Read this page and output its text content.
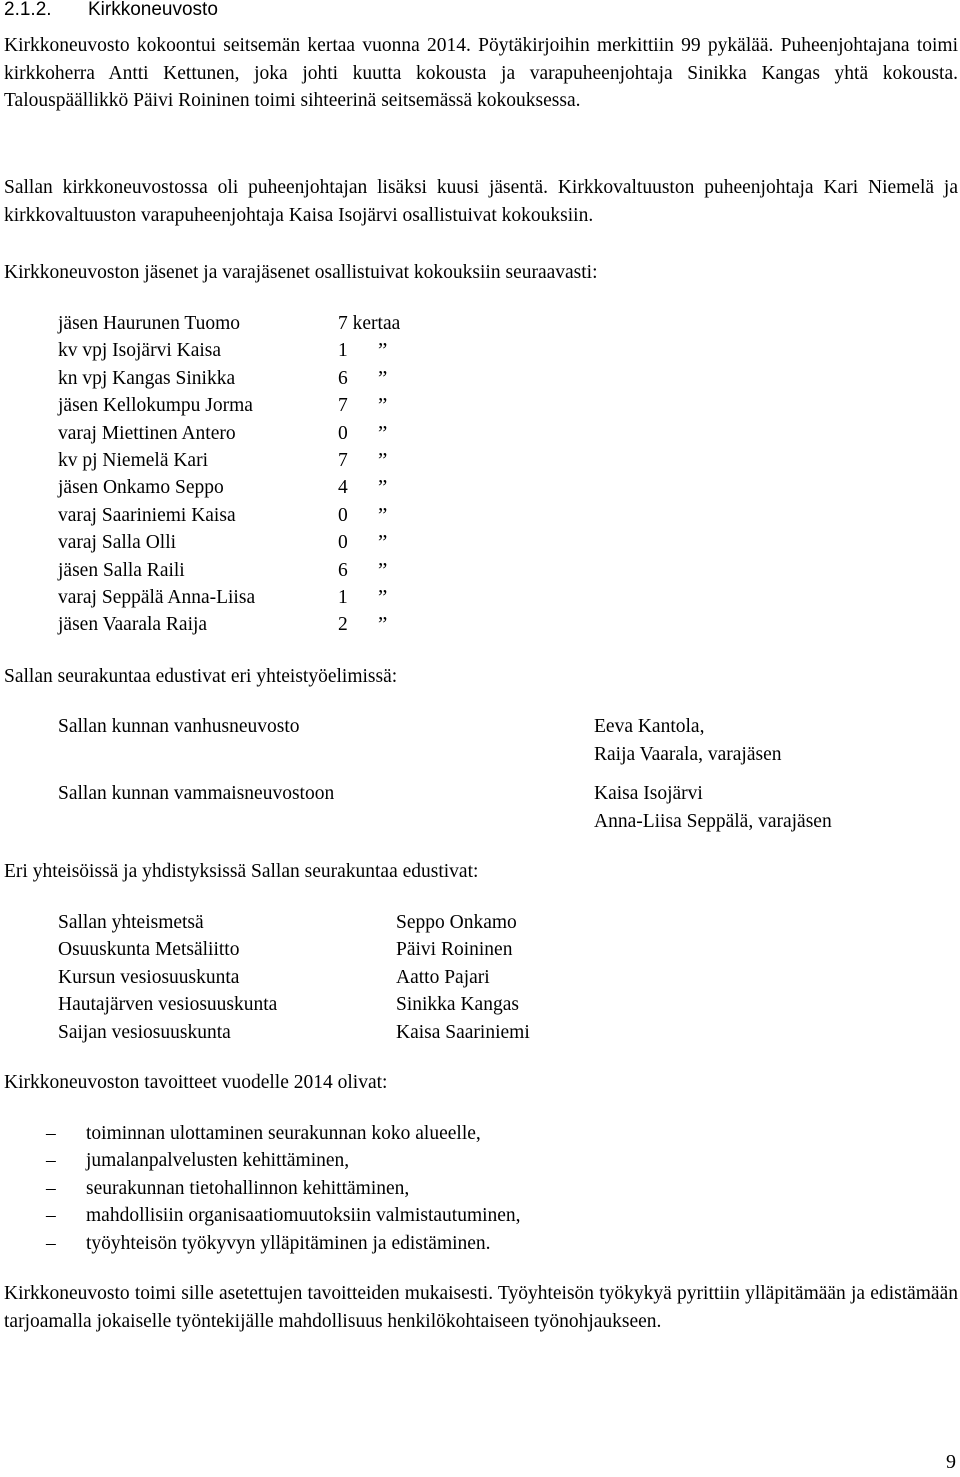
2.1.2. Kirkkoneuvosto
Kirkkoneuvosto kokoontui seitsemän kertaa vuonna 2014. Pöytäkirjoihin merkittiin 99 pykälää. Puheenjohtajana toimi kirkkoherra Antti Kettunen, joka johti kuutta kokousta ja varapuheenjohtaja Sinikka Kangas yhtä kokousta. Talouspäällikkö Päivi Roininen toimi sihteerinä seitsemässä kokouksessa.
Sallan kirkkoneuvostossa oli puheenjohtajan lisäksi kuusi jäsentä. Kirkkovaltuuston puheenjohtaja Kari Niemelä ja kirkkovaltuuston varapuheenjohtaja Kaisa Isojärvi osallistuivat kokouksiin.
Kirkkoneuvoston jäsenet ja varajäsenet osallistuivat kokouksiin seuraavasti:
jäsen Haurunen Tuomo	7 kertaa
kv vpj Isojärvi Kaisa	1 ”
kn vpj Kangas Sinikka	6 ”
jäsen Kellokumpu Jorma	7 ”
varaj Miettinen Antero	0 ”
kv pj Niemelä Kari	7 ”
jäsen Onkamo Seppo	4 ”
varaj Saariniemi Kaisa	0 ”
varaj Salla Olli	0 ”
jäsen Salla Raili	6 ”
varaj Seppälä Anna-Liisa	1 ”
jäsen Vaarala Raija	2 ”
Sallan seurakuntaa edustivat eri yhteistyöelimissä:
Sallan kunnan vanhusneuvosto	Eeva Kantola,
Raija Vaarala, varajäsen
Sallan kunnan vammaisneuvostoon	Kaisa Isojärvi
Anna-Liisa Seppälä, varajäsen
Eri yhteisöissä ja yhdistyksissä Sallan seurakuntaa edustivat:
Sallan yhteismetsä	Seppo Onkamo
Osuuskunta Metsäliitto	Päivi Roininen
Kursun vesiosuuskunta	Aatto Pajari
Hautajärven vesiosuuskunta	Sinikka Kangas
Saijan vesiosuuskunta	Kaisa Saariniemi
Kirkkoneuvoston tavoitteet vuodelle 2014 olivat:
– toiminnan ulottaminen seurakunnan koko alueelle,
– jumalanpalvelusten kehittäminen,
– seurakunnan tietohallinnon kehittäminen,
– mahdollisiin organisaatiomuutoksiin valmistautuminen,
– työyhteisön työkyvyn ylläpitäminen ja edistäminen.
Kirkkoneuvosto toimi sille asetettujen tavoitteiden mukaisesti. Työyhteisön työkykyä pyrittiin ylläpitämään ja edistämään tarjoamalla jokaiselle työntekijälle mahdollisuus henkilökohtaiseen työnohjaukseen.
9
